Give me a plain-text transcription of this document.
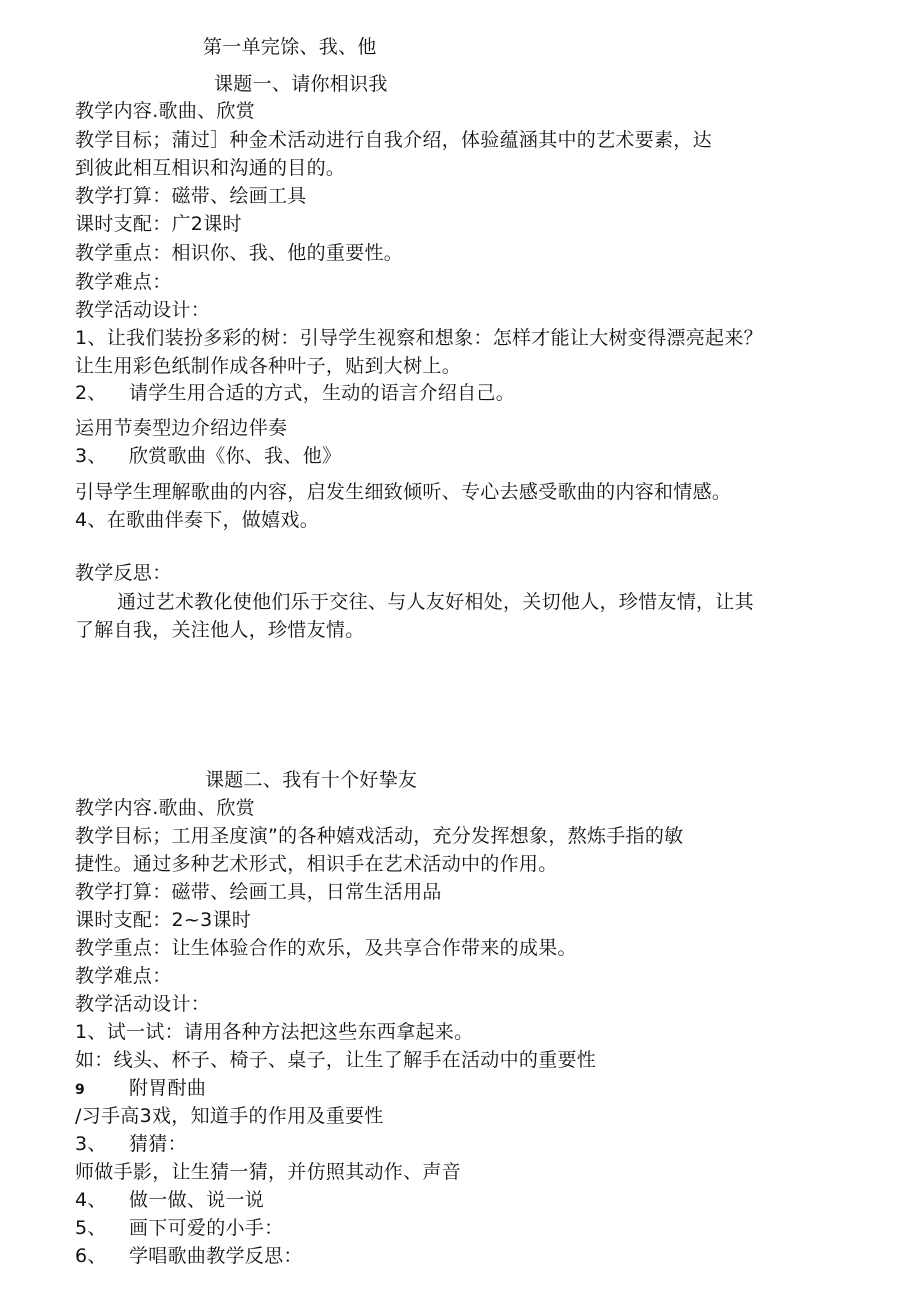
第一单完馀、我、他
课题一、请你相识我
教学内容.歌曲、欣赏
教学目标；蒲过］种金术活动进行自我介绍，体验蕴涵其中的艺术要素，达
到彼此相互相识和沟通的目的。
教学打算：磁带、绘画工具
课时支配：广2课时
教学重点：相识你、我、他的重要性。
教学难点：
教学活动设计：
1、让我们装扮多彩的树：引导学生视察和想象：怎样才能让大树变得漂亮起来？
让生用彩色纸制作成各种叶子，贴到大树上。
2、 请学生用合适的方式，生动的语言介绍自己。
运用节奏型边介绍边伴奏
3、 欣赏歌曲《你、我、他》
引导学生理解歌曲的内容，启发生细致倾听、专心去感受歌曲的内容和情感。
4、在歌曲伴奏下，做嬉戏。
教学反思：
通过艺术教化使他们乐于交往、与人友好相处，关切他人，珍惜友情，让其
了解自我，关注他人，珍惜友情。
课题二、我有十个好挚友
教学内容.歌曲、欣赏
教学目标；工用圣度演”的各种嬉戏活动，充分发挥想象，熬炼手指的敏
捷性。通过多种艺术形式，相识手在艺术活动中的作用。
教学打算：磁带、绘画工具，日常生活用品
课时支配：2~3课时
教学重点：让生体验合作的欢乐，及共享合作带来的成果。
教学难点：
教学活动设计：
1、试一试：请用各种方法把这些东西拿起来。
如：线头、杯子、椅子、桌子，让生了解手在活动中的重要性
9 附胃酎曲
/习手高3戏，知道手的作用及重要性
3、 猜猜：
师做手影，让生猜一猜，并仿照其动作、声音
4、 做一做、说一说
5、 画下可爱的小手：
6、 学唱歌曲教学反思：
